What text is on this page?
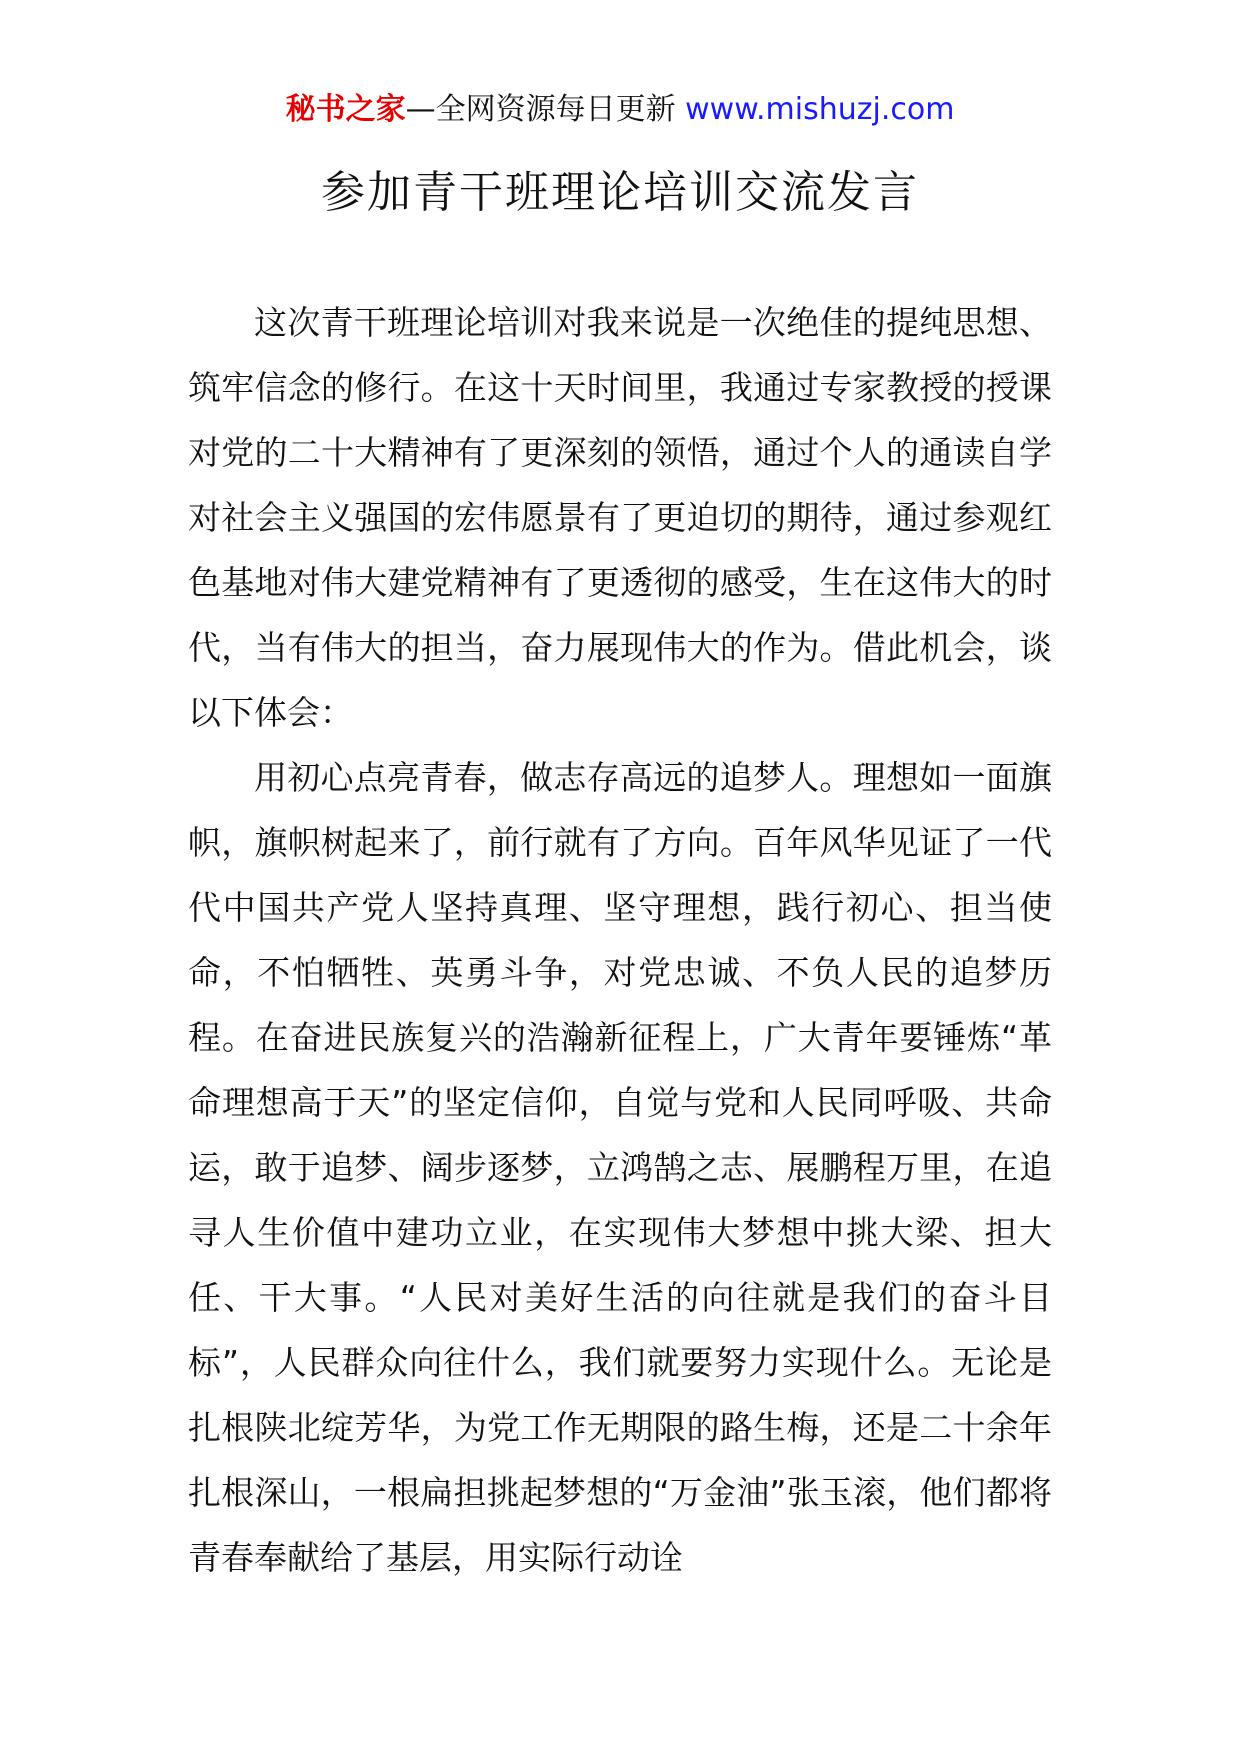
秘书之家—全网资源每日更新 www.mishuzj.com
参加青干班理论培训交流发言

这次青干班理论培训对我来说是一次绝佳的提纯思想、筑牢信念的修行。在这十天时间里，我通过专家教授的授课对党的二十大精神有了更深刻的领悟，通过个人的通读自学对社会主义强国的宏伟愿景有了更迫切的期待，通过参观红色基地对伟大建党精神有了更透彻的感受，生在这伟大的时代，当有伟大的担当，奋力展现伟大的作为。借此机会，谈以下体会：

用初心点亮青春，做志存高远的追梦人。理想如一面旗帜，旗帜树起来了，前行就有了方向。百年风华见证了一代代中国共产党人坚持真理、坚守理想，践行初心、担当使命，不怕牺牲、英勇斗争，对党忠诚、不负人民的追梦历程。在奋进民族复兴的浩瀚新征程上，广大青年要锤炼“革命理想高于天”的坚定信仰，自觉与党和人民同呼吸、共命运，敢于追梦、阔步逐梦，立鸿鹄之志、展鹏程万里，在追寻人生价值中建功立业，在实现伟大梦想中挑大梁、担大任、干大事。“人民对美好生活的向往就是我们的奋斗目标”，人民群众向往什么，我们就要努力实现什么。无论是扎根陕北绽芳华，为党工作无期限的路生梅，还是二十余年扎根深山，一根扁担挑起梦想的“万金油”张玉滚，他们都将青春奉献给了基层，用实际行动诠
